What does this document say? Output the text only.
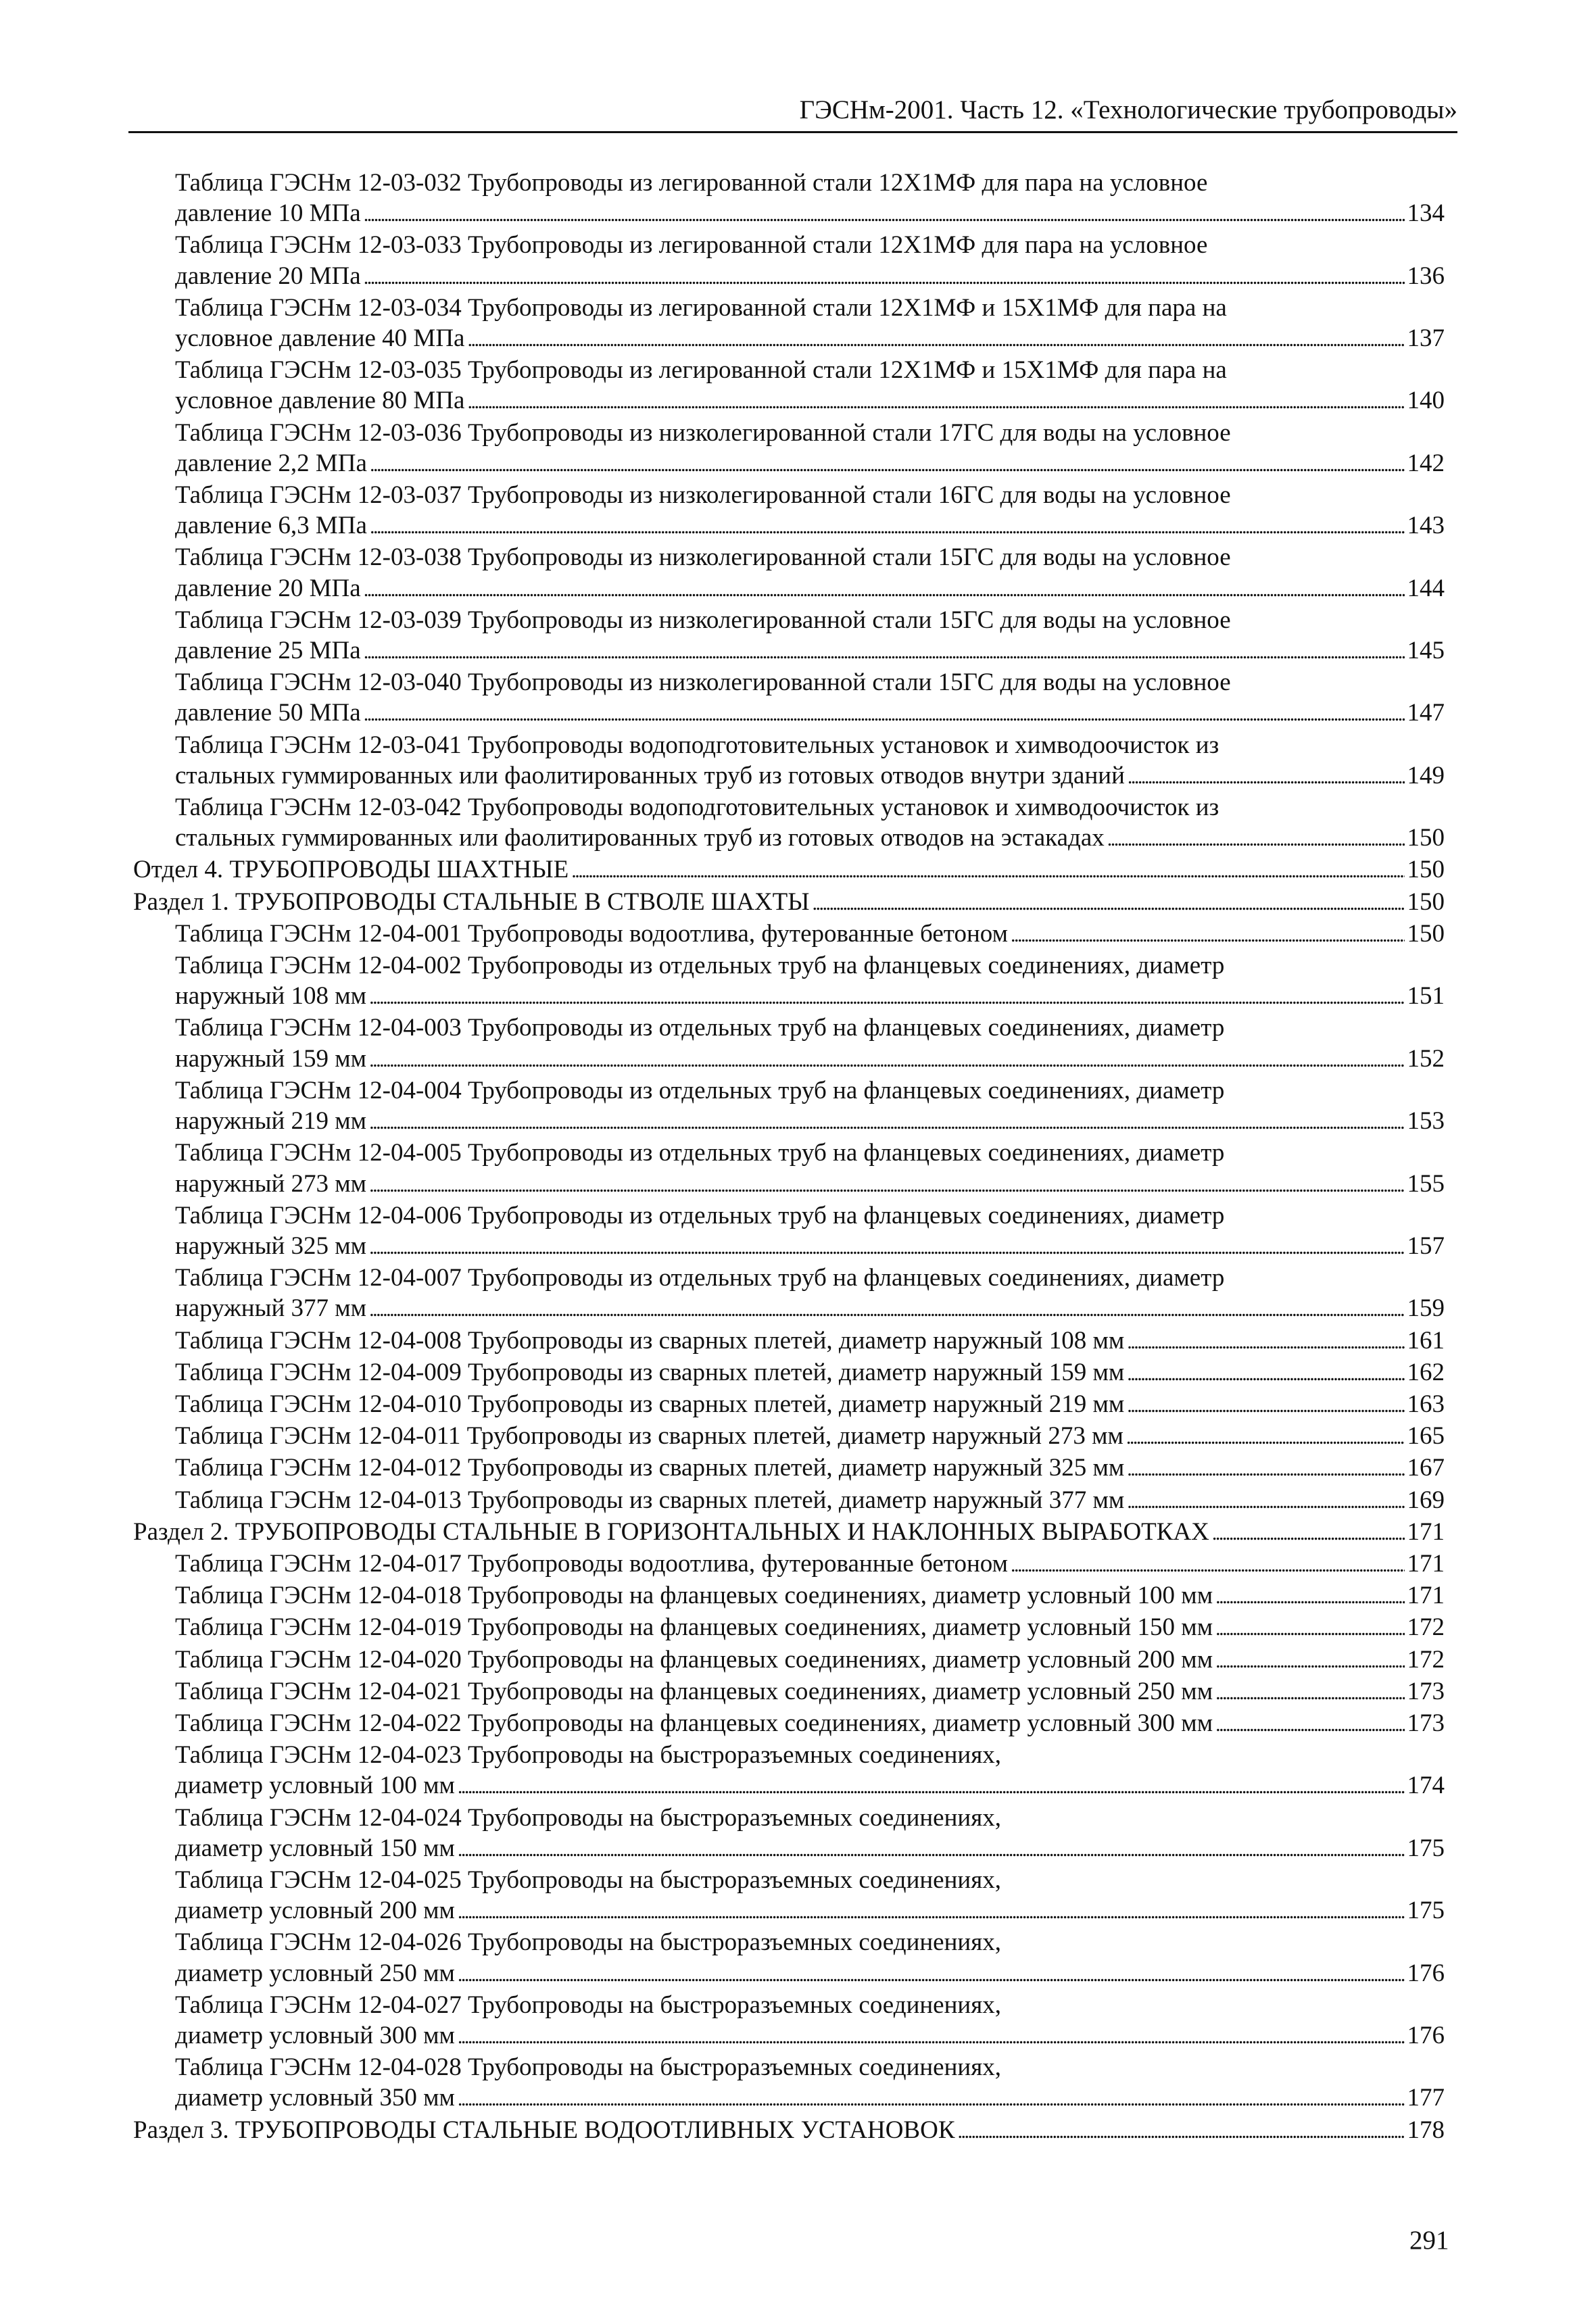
ГЭСНм-2001. Часть 12. «Технологические трубопроводы»
Таблица ГЭСНм 12-03-032 Трубопроводы из легированной стали 12Х1МФ для пара на условное
давление 10 МПа . . .	134
Таблица ГЭСНм 12-03-033 Трубопроводы из легированной стали 12Х1МФ для пара на условное
давление 20 МПа . . .	136
Таблица ГЭСНм 12-03-034 Трубопроводы из легированной стали 12Х1МФ и 15Х1МФ для пара на
условное давление 40 МПа . . .	137
Таблица ГЭСНм 12-03-035 Трубопроводы из легированной стали 12Х1МФ и 15Х1МФ для пара на
условное давление 80 МПа . . .	140
Таблица ГЭСНм 12-03-036 Трубопроводы из низколегированной стали 17ГС для воды на условное
давление 2,2 МПа . . .	142
Таблица ГЭСНм 12-03-037 Трубопроводы из низколегированной стали 16ГС для воды на условное
давление 6,3 МПа . . .	143
Таблица ГЭСНм 12-03-038 Трубопроводы из низколегированной стали 15ГС для воды на условное
давление 20 МПа . . .	144
Таблица ГЭСНм 12-03-039 Трубопроводы из низколегированной стали 15ГС для воды на условное
давление 25 МПа . . .	145
Таблица ГЭСНм 12-03-040 Трубопроводы из низколегированной стали 15ГС для воды на условное
давление 50 МПа . . .	147
Таблица ГЭСНм 12-03-041 Трубопроводы водоподготовительных установок и химводоочисток из
стальных гуммированных или фаолитированных труб из готовых отводов внутри зданий . . .	149
Таблица ГЭСНм 12-03-042 Трубопроводы водоподготовительных установок и химводоочисток из
стальных гуммированных или фаолитированных труб из готовых отводов на эстакадах . . .	150
Отдел 4. ТРУБОПРОВОДЫ ШАХТНЫЕ . . .	150
Раздел 1. ТРУБОПРОВОДЫ СТАЛЬНЫЕ В СТВОЛЕ ШАХТЫ . . .	150
Таблица ГЭСНм 12-04-001 Трубопроводы водоотлива, футерованные бетоном . . .	150
Таблица ГЭСНм 12-04-002 Трубопроводы из отдельных труб на фланцевых соединениях, диаметр
наружный 108 мм . . .	151
Таблица ГЭСНм 12-04-003 Трубопроводы из отдельных труб на фланцевых соединениях, диаметр
наружный 159 мм . . .	152
Таблица ГЭСНм 12-04-004 Трубопроводы из отдельных труб на фланцевых соединениях, диаметр
наружный 219 мм . . .	153
Таблица ГЭСНм 12-04-005 Трубопроводы из отдельных труб на фланцевых соединениях, диаметр
наружный 273 мм . . .	155
Таблица ГЭСНм 12-04-006 Трубопроводы из отдельных труб на фланцевых соединениях, диаметр
наружный 325 мм . . .	157
Таблица ГЭСНм 12-04-007 Трубопроводы из отдельных труб на фланцевых соединениях, диаметр
наружный 377 мм . . .	159
Таблица ГЭСНм 12-04-008 Трубопроводы из сварных плетей, диаметр наружный 108 мм . . .	161
Таблица ГЭСНм 12-04-009 Трубопроводы из сварных плетей, диаметр наружный 159 мм . . .	162
Таблица ГЭСНм 12-04-010 Трубопроводы из сварных плетей, диаметр наружный 219 мм . . .	163
Таблица ГЭСНм 12-04-011 Трубопроводы из сварных плетей, диаметр наружный 273 мм . . .	165
Таблица ГЭСНм 12-04-012 Трубопроводы из сварных плетей, диаметр наружный 325 мм . . .	167
Таблица ГЭСНм 12-04-013 Трубопроводы из сварных плетей, диаметр наружный 377 мм . . .	169
Раздел 2. ТРУБОПРОВОДЫ СТАЛЬНЫЕ В ГОРИЗОНТАЛЬНЫХ И НАКЛОННЫХ ВЫРАБОТКАХ . . .	171
Таблица ГЭСНм 12-04-017 Трубопроводы водоотлива, футерованные бетоном . . .	171
Таблица ГЭСНм 12-04-018 Трубопроводы на фланцевых соединениях, диаметр условный 100 мм . . .	171
Таблица ГЭСНм 12-04-019 Трубопроводы на фланцевых соединениях, диаметр условный 150 мм . . .	172
Таблица ГЭСНм 12-04-020 Трубопроводы на фланцевых соединениях, диаметр условный 200 мм . . .	172
Таблица ГЭСНм 12-04-021 Трубопроводы на фланцевых соединениях, диаметр условный 250 мм . . .	173
Таблица ГЭСНм 12-04-022 Трубопроводы на фланцевых соединениях, диаметр условный 300 мм . . .	173
Таблица ГЭСНм 12-04-023 Трубопроводы на быстроразъемных соединениях,
диаметр условный 100 мм . . .	174
Таблица ГЭСНм 12-04-024 Трубопроводы на быстроразъемных соединениях,
диаметр условный 150 мм . . .	175
Таблица ГЭСНм 12-04-025 Трубопроводы на быстроразъемных соединениях,
диаметр условный 200 мм . . .	175
Таблица ГЭСНм 12-04-026 Трубопроводы на быстроразъемных соединениях,
диаметр условный 250 мм . . .	176
Таблица ГЭСНм 12-04-027 Трубопроводы на быстроразъемных соединениях,
диаметр условный 300 мм . . .	176
Таблица ГЭСНм 12-04-028 Трубопроводы на быстроразъемных соединениях,
диаметр условный 350 мм . . .	177
Раздел 3. ТРУБОПРОВОДЫ СТАЛЬНЫЕ ВОДООТЛИВНЫХ УСТАНОВОК . . .	178
291
